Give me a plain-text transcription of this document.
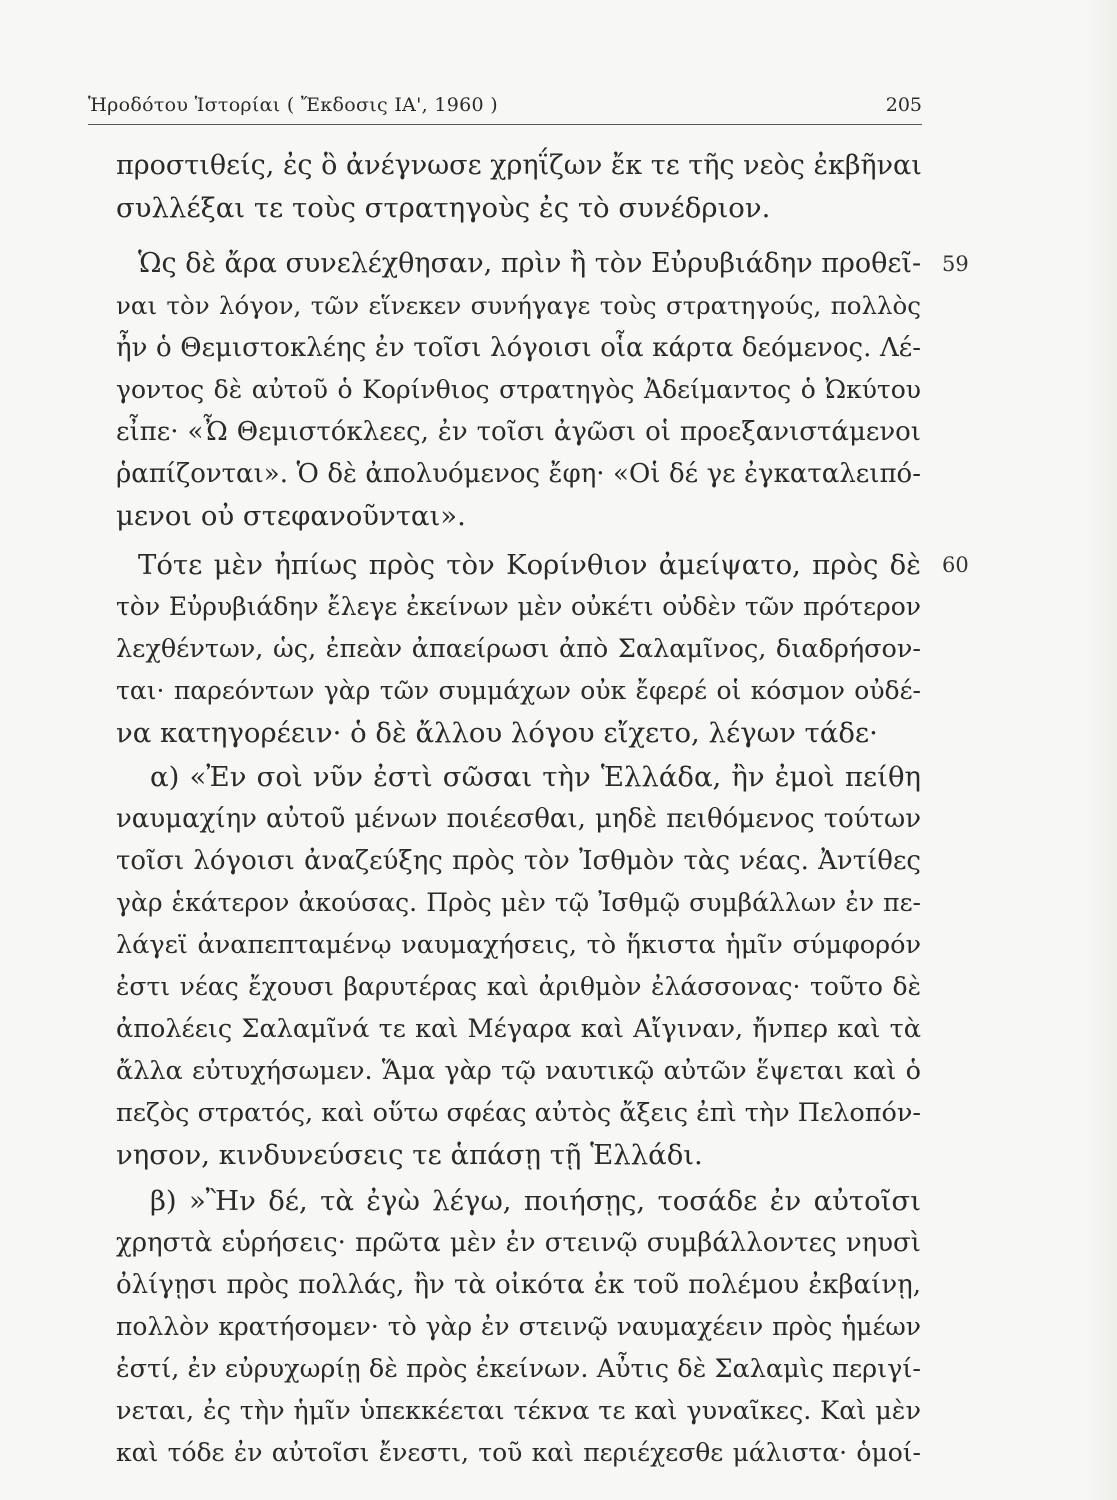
Ἡροδότου Ἱστορίαι ( Ἔκδοσις ΙΑ', 1960 )	205
προστιθείς, ἐς ὃ ἀνέγνωσε χρηΐζων ἔκ τε τῆς νεὸς ἐκβῆναι
συλλέξαι τε τοὺς στρατηγοὺς ἐς τὸ συνέδριον.
Ὡς δὲ ἄρα συνελέχθησαν, πρὶν ἢ τὸν Εὐρυβιάδην προθεῖ- 59
ναι τὸν λόγον, τῶν εἵνεκεν συνήγαγε τοὺς στρατηγούς, πολλὸς
ἦν ὁ Θεμιστοκλέης ἐν τοῖσι λόγοισι οἷα κάρτα δεόμενος. Λέ-
γοντος δὲ αὐτοῦ ὁ Κορίνθιος στρατηγὸς Ἀδείμαντος ὁ Ὠκύτου
εἶπε· «Ὦ Θεμιστόκλεες, ἐν τοῖσι ἀγῶσι οἱ προεξανιστάμενοι
ῥαπίζονται». Ὁ δὲ ἀπολυόμενος ἔφη· «Οἱ δέ γε ἐγκαταλειπό-
μενοι οὐ στεφανοῦνται».
Τότε μὲν ἠπίως πρὸς τὸν Κορίνθιον ἀμείψατο, πρὸς δὲ 60
τὸν Εὐρυβιάδην ἔλεγε ἐκείνων μὲν οὐκέτι οὐδὲν τῶν πρότερον
λεχθέντων, ὡς, ἐπεὰν ἀπαείρωσι ἀπὸ Σαλαμῖνος, διαδρήσον-
ται· παρεόντων γὰρ τῶν συμμάχων οὐκ ἔφερέ οἱ κόσμον οὐδέ-
να κατηγορέειν· ὁ δὲ ἄλλου λόγου εἴχετο, λέγων τάδε·
α) «Ἐν σοὶ νῦν ἐστὶ σῶσαι τὴν Ἑλλάδα, ἢν ἐμοὶ πείθη
ναυμαχίην αὐτοῦ μένων ποιέεσθαι, μηδὲ πειθόμενος τούτων
τοῖσι λόγοισι ἀναζεύξης πρὸς τὸν Ἰσθμὸν τὰς νέας. Ἀντίθες
γὰρ ἑκάτερον ἀκούσας. Πρὸς μὲν τῷ Ἰσθμῷ συμβάλλων ἐν πε-
λάγεϊ ἀναπεπταμένῳ ναυμαχήσεις, τὸ ἥκιστα ἡμῖν σύμφορόν
ἐστι νέας ἔχουσι βαρυτέρας καὶ ἀριθμὸν ἐλάσσονας· τοῦτο δὲ
ἀπολέεις Σαλαμῖνά τε καὶ Μέγαρα καὶ Αἴγιναν, ἤνπερ καὶ τὰ
ἄλλα εὐτυχήσωμεν. Ἅμα γὰρ τῷ ναυτικῷ αὐτῶν ἕψεται καὶ ὁ
πεζὸς στρατός, καὶ οὕτω σφέας αὐτὸς ἄξεις ἐπὶ τὴν Πελοπόν-
νησον, κινδυνεύσεις τε ἁπάσῃ τῇ Ἑλλάδι.
β) »Ἢν δέ, τὰ ἐγὼ λέγω, ποιήσῃς, τοσάδε ἐν αὐτοῖσι
χρηστὰ εὑρήσεις· πρῶτα μὲν ἐν στεινῷ συμβάλλοντες νηυσὶ
ὀλίγῃσι πρὸς πολλάς, ἢν τὰ οἰκότα ἐκ τοῦ πολέμου ἐκβαίνῃ,
πολλὸν κρατήσομεν· τὸ γὰρ ἐν στεινῷ ναυμαχέειν πρὸς ἡμέων
ἐστί, ἐν εὐρυχωρίῃ δὲ πρὸς ἐκείνων. Αὖτις δὲ Σαλαμὶς περιγί-
νεται, ἐς τὴν ἡμῖν ὑπεκκέεται τέκνα τε καὶ γυναῖκες. Καὶ μὲν
καὶ τόδε ἐν αὐτοῖσι ἔνεστι, τοῦ καὶ περιέχεσθε μάλιστα· ὁμοί-
